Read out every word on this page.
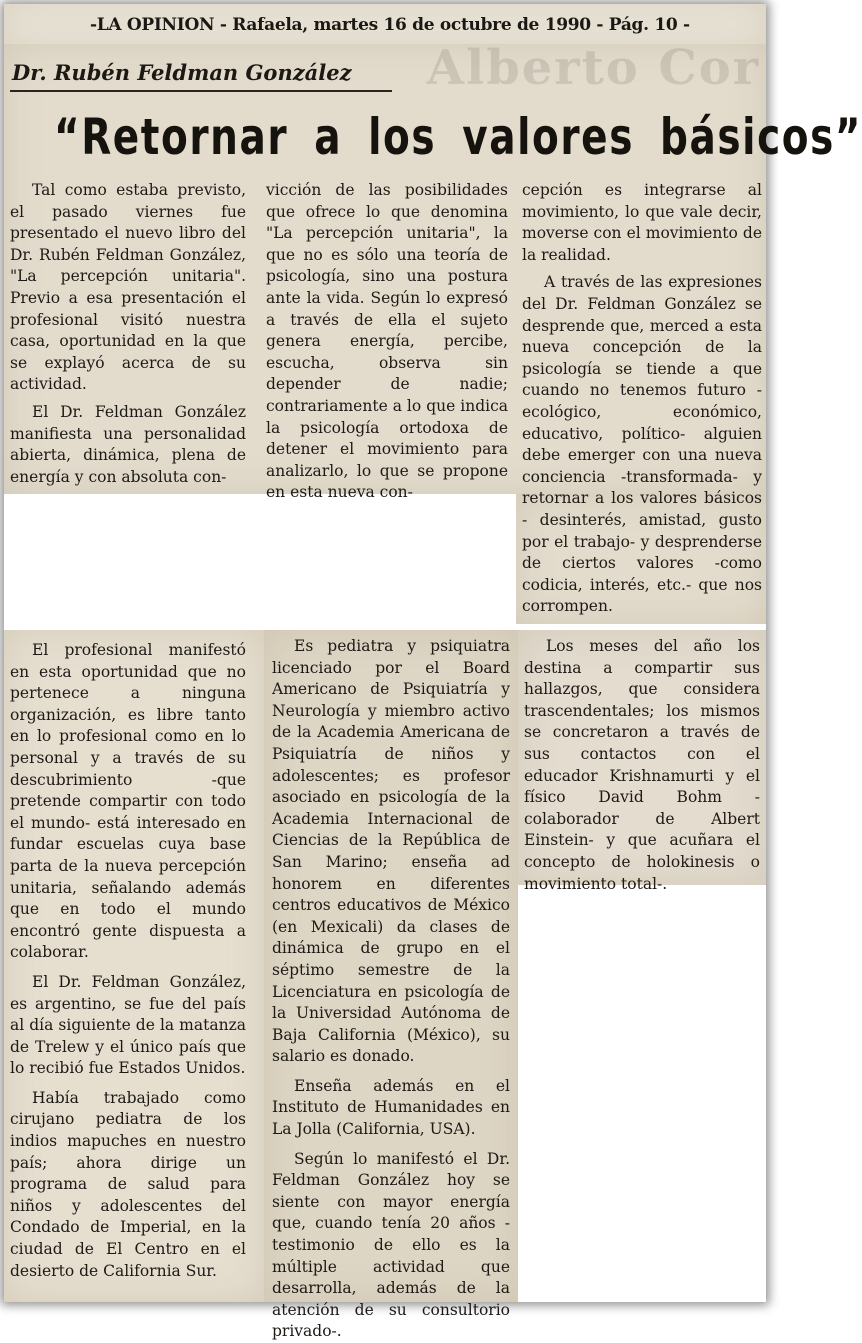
-LA OPINION - Rafaela, martes 16 de octubre de 1990 - Pág. 10 -
Alberto Cor
Dr. Rubén Feldman González
“Retornar a los valores básicos”

Tal como estaba previsto, el pasado viernes fue presentado el nuevo libro del Dr. Rubén Feldman González, "La percepción unitaria". Previo a esa presentación el profesional visitó nuestra casa, oportunidad en la que se explayó acerca de su actividad.

El Dr. Feldman González manifiesta una personalidad abierta, dinámica, plena de energía y con absoluta con-

vicción de las posibilidades que ofrece lo que denomina "La percepción unitaria", la que no es sólo una teoría de psicología, sino una postura ante la vida. Según lo expresó a través de ella el sujeto genera energía, percibe, escucha, observa sin depender de nadie; contrariamente a lo que indica la psicología ortodoxa de detener el movimiento para analizarlo, lo que se propone en esta nueva con-

cepción es integrarse al movimiento, lo que vale decir, moverse con el movimiento de la realidad.

A través de las expresiones del Dr. Feldman González se desprende que, merced a esta nueva concepción de la psicología se tiende a que cuando no tenemos futuro - ecológico, económico, educativo, político- alguien debe emerger con una nueva conciencia -transformada- y retornar a los valores básicos - desinterés, amistad, gusto por el trabajo- y desprenderse de ciertos valores -como codicia, interés, etc.- que nos corrompen.

El profesional manifestó en esta oportunidad que no pertenece a ninguna organización, es libre tanto en lo profesional como en lo personal y a través de su descubrimiento -que pretende compartir con todo el mundo- está interesado en fundar escuelas cuya base parta de la nueva percepción unitaria, señalando además que en todo el mundo encontró gente dispuesta a colaborar.

El Dr. Feldman González, es argentino, se fue del país al día siguiente de la matanza de Trelew y el único país que lo recibió fue Estados Unidos.

Había trabajado como cirujano pediatra de los indios mapuches en nuestro país; ahora dirige un programa de salud para niños y adolescentes del Condado de Imperial, en la ciudad de El Centro en el desierto de California Sur.

Es pediatra y psiquiatra licenciado por el Board Americano de Psiquiatría y Neurología y miembro activo de la Academia Americana de Psiquiatría de niños y adolescentes; es profesor asociado en psicología de la Academia Internacional de Ciencias de la República de San Marino; enseña ad honorem en diferentes centros educativos de México (en Mexicali) da clases de dinámica de grupo en el séptimo semestre de la Licenciatura en psicología de la Universidad Autónoma de Baja California (México), su salario es donado.

Enseña además en el Instituto de Humanidades en La Jolla (California, USA).

Según lo manifestó el Dr. Feldman González hoy se siente con mayor energía que, cuando tenía 20 años - testimonio de ello es la múltiple actividad que desarrolla, además de la atención de su consultorio privado-.

Los meses del año los destina a compartir sus hallazgos, que considera trascendentales; los mismos se concretaron a través de sus contactos con el educador Krishnamurti y el físico David Bohm -colaborador de Albert Einstein- y que acuñara el concepto de holokinesis o movimiento total-.
